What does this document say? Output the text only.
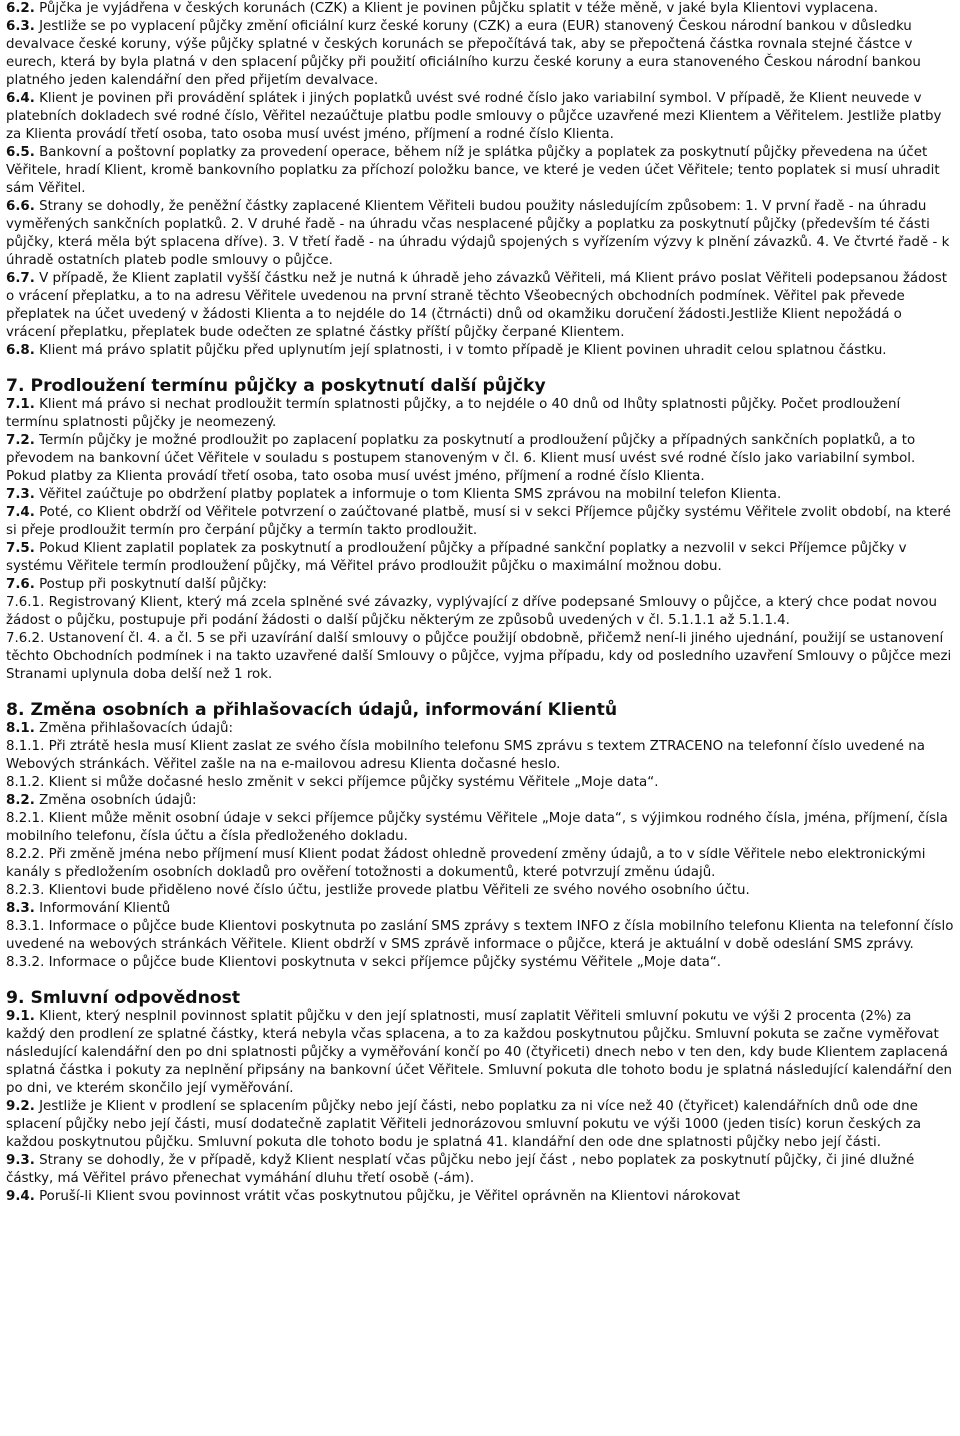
6.2. Půjčka je vyjádřena v českých korunách (CZK) a Klient je povinen půjčku splatit v téže měně, v jaké byla Klientovi vyplacena.

6.3. Jestliže se po vyplacení půjčky změní oficiální kurz české koruny (CZK) a eura (EUR) stanovený Českou národní bankou v důsledku devalvace české koruny, výše půjčky splatné v českých korunách se přepočítává tak, aby se přepočtená částka rovnala stejné částce v eurech, která by byla platná v den splacení půjčky při použití oficiálního kurzu české koruny a eura stanoveného Českou národní bankou platného jeden kalendářní den před přijetím devalvace.

6.4. Klient je povinen při provádění splátek i jiných poplatků uvést své rodné číslo jako variabilní symbol. V případě, že Klient neuvede v platebních dokladech své rodné číslo, Věřitel nezaúčtuje platbu podle smlouvy o půjčce uzavřené mezi Klientem a Věřitelem. Jestliže platby za Klienta provádí třetí osoba, tato osoba musí uvést jméno, příjmení a rodné číslo Klienta.

6.5. Bankovní a poštovní poplatky za provedení operace, během níž je splátka půjčky a poplatek za poskytnutí půjčky převedena na účet Věřitele, hradí Klient, kromě bankovního poplatku za příchozí položku bance, ve které je veden účet Věřitele; tento poplatek si musí uhradit sám Věřitel.

6.6. Strany se dohodly, že peněžní částky zaplacené Klientem Věřiteli budou použity následujícím způsobem: 1. V první řadě - na úhradu vyměřených sankčních poplatků. 2. V druhé řadě - na úhradu včas nesplacené půjčky a poplatku za poskytnutí půjčky (především té části půjčky, která měla být splacena dříve). 3. V třetí řadě - na úhradu výdajů spojených s vyřízením výzvy k plnění závazků. 4. Ve čtvrté řadě - k úhradě ostatních plateb podle smlouvy o půjčce.

6.7. V případě, že Klient zaplatil vyšší částku než je nutná k úhradě jeho závazků Věřiteli, má Klient právo poslat Věřiteli podepsanou žádost o vrácení přeplatku, a to na adresu Věřitele uvedenou na první straně těchto Všeobecných obchodních podmínek. Věřitel pak převede přeplatek na účet uvedený v žádosti Klienta a to nejdéle do 14 (čtrnácti) dnů od okamžiku doručení žádosti.Jestliže Klient nepožádá o vrácení přeplatku, přeplatek bude odečten ze splatné částky příští půjčky čerpané Klientem.

6.8. Klient má právo splatit půjčku před uplynutím její splatnosti, i v tomto případě je Klient povinen uhradit celou splatnou částku.

7. Prodloužení termínu půjčky a poskytnutí další půjčky

7.1. Klient má právo si nechat prodloužit termín splatnosti půjčky, a to nejdéle o 40 dnů od lhůty splatnosti půjčky. Počet prodloužení termínu splatnosti půjčky je neomezený.

7.2. Termín půjčky je možné prodloužit po zaplacení poplatku za poskytnutí a prodloužení půjčky a případných sankčních poplatků, a to převodem na bankovní účet Věřitele v souladu s postupem stanoveným v čl. 6. Klient musí uvést své rodné číslo jako variabilní symbol. Pokud platby za Klienta provádí třetí osoba, tato osoba musí uvést jméno, příjmení a rodné číslo Klienta.

7.3. Věřitel zaúčtuje po obdržení platby poplatek a informuje o tom Klienta SMS zprávou na mobilní telefon Klienta.

7.4. Poté, co Klient obdrží od Věřitele potvrzení o zaúčtované platbě, musí si v sekci Příjemce půjčky systému Věřitele zvolit období, na které si přeje prodloužit termín pro čerpání půjčky a termín takto prodloužit.

7.5. Pokud Klient zaplatil poplatek za poskytnutí a prodloužení půjčky a případné sankční poplatky a nezvolil v sekci Příjemce půjčky v systému Věřitele termín prodloužení půjčky, má Věřitel právo prodloužit půjčku o maximální možnou dobu.

7.6. Postup při poskytnutí další půjčky:

7.6.1. Registrovaný Klient, který má zcela splněné své závazky, vyplývající z dříve podepsané Smlouvy o půjčce, a který chce podat novou žádost o půjčku, postupuje při podání žádosti o další půjčku některým ze způsobů uvedených v čl. 5.1.1.1 až 5.1.1.4.

7.6.2. Ustanovení čl. 4. a čl. 5 se při uzavírání další smlouvy o půjčce použijí obdobně, přičemž není-li jiného ujednání, použijí se ustanovení těchto Obchodních podmínek i na takto uzavřené další Smlouvy o půjčce, vyjma případu, kdy od posledního uzavření Smlouvy o půjčce mezi Stranami uplynula doba delší než 1 rok.

8. Změna osobních a přihlašovacích údajů, informování Klientů

8.1. Změna přihlašovacích údajů:

8.1.1. Při ztrátě hesla musí Klient zaslat ze svého čísla mobilního telefonu SMS zprávu s textem ZTRACENO na telefonní číslo uvedené na Webových stránkách. Věřitel zašle na na e-mailovou adresu Klienta dočasné heslo.

8.1.2. Klient si může dočasné heslo změnit v sekci příjemce půjčky systému Věřitele „Moje data“.

8.2. Změna osobních údajů:

8.2.1. Klient může měnit osobní údaje v sekci příjemce půjčky systému Věřitele „Moje data“, s výjimkou rodného čísla, jména, příjmení, čísla mobilního telefonu, čísla účtu a čísla předloženého dokladu.

8.2.2. Při změně jména nebo příjmení musí Klient podat žádost ohledně provedení změny údajů, a to v sídle Věřitele nebo elektronickými kanály s předložením osobních dokladů pro ověření totožnosti a dokumentů, které potvrzují změnu údajů.

8.2.3. Klientovi bude přiděleno nové číslo účtu, jestliže provede platbu Věřiteli ze svého nového osobního účtu.

8.3. Informování Klientů

8.3.1. Informace o půjčce bude Klientovi poskytnuta po zaslání SMS zprávy s textem INFO z čísla mobilního telefonu Klienta na telefonní číslo uvedené na webových stránkách Věřitele. Klient obdrží v SMS zprávě informace o půjčce, která je aktuální v době odeslání SMS zprávy.

8.3.2. Informace o půjčce bude Klientovi poskytnuta v sekci příjemce půjčky systému Věřitele „Moje data“.

9. Smluvní odpovědnost

9.1. Klient, který nesplnil povinnost splatit půjčku v den její splatnosti, musí zaplatit Věřiteli smluvní pokutu ve výši 2 procenta (2%) za každý den prodlení ze splatné částky, která nebyla včas splacena, a to za každou poskytnutou půjčku. Smluvní pokuta se začne vyměřovat následující kalendářní den po dni splatnosti půjčky a vyměřování končí po 40 (čtyřiceti) dnech nebo v ten den, kdy bude Klientem zaplacená splatná částka i pokuty za neplnění připsány na bankovní účet Věřitele. Smluvní pokuta dle tohoto bodu je splatná následující kalendářní den po dni, ve kterém skončilo její vyměřování.

9.2. Jestliže je Klient v prodlení se splacením půjčky nebo její části, nebo poplatku za ni více než 40 (čtyřicet) kalendářních dnů ode dne splacení půjčky nebo její části, musí dodatečně zaplatit Věřiteli jednorázovou smluvní pokutu ve výši 1000 (jeden tisíc) korun českých za každou poskytnutou půjčku. Smluvní pokuta dle tohoto bodu je splatná 41. klandářní den ode dne splatnosti půjčky nebo její části.

9.3. Strany se dohodly, že v případě, když Klient nesplatí včas půjčku nebo její část , nebo poplatek za poskytnutí půjčky, či jiné dlužné částky, má Věřitel právo přenechat vymáhání dluhu třetí osobě (-ám).

9.4. Poruší-li Klient svou povinnost vrátit včas poskytnutou půjčku, je Věřitel oprávněn na Klientovi nárokovat
